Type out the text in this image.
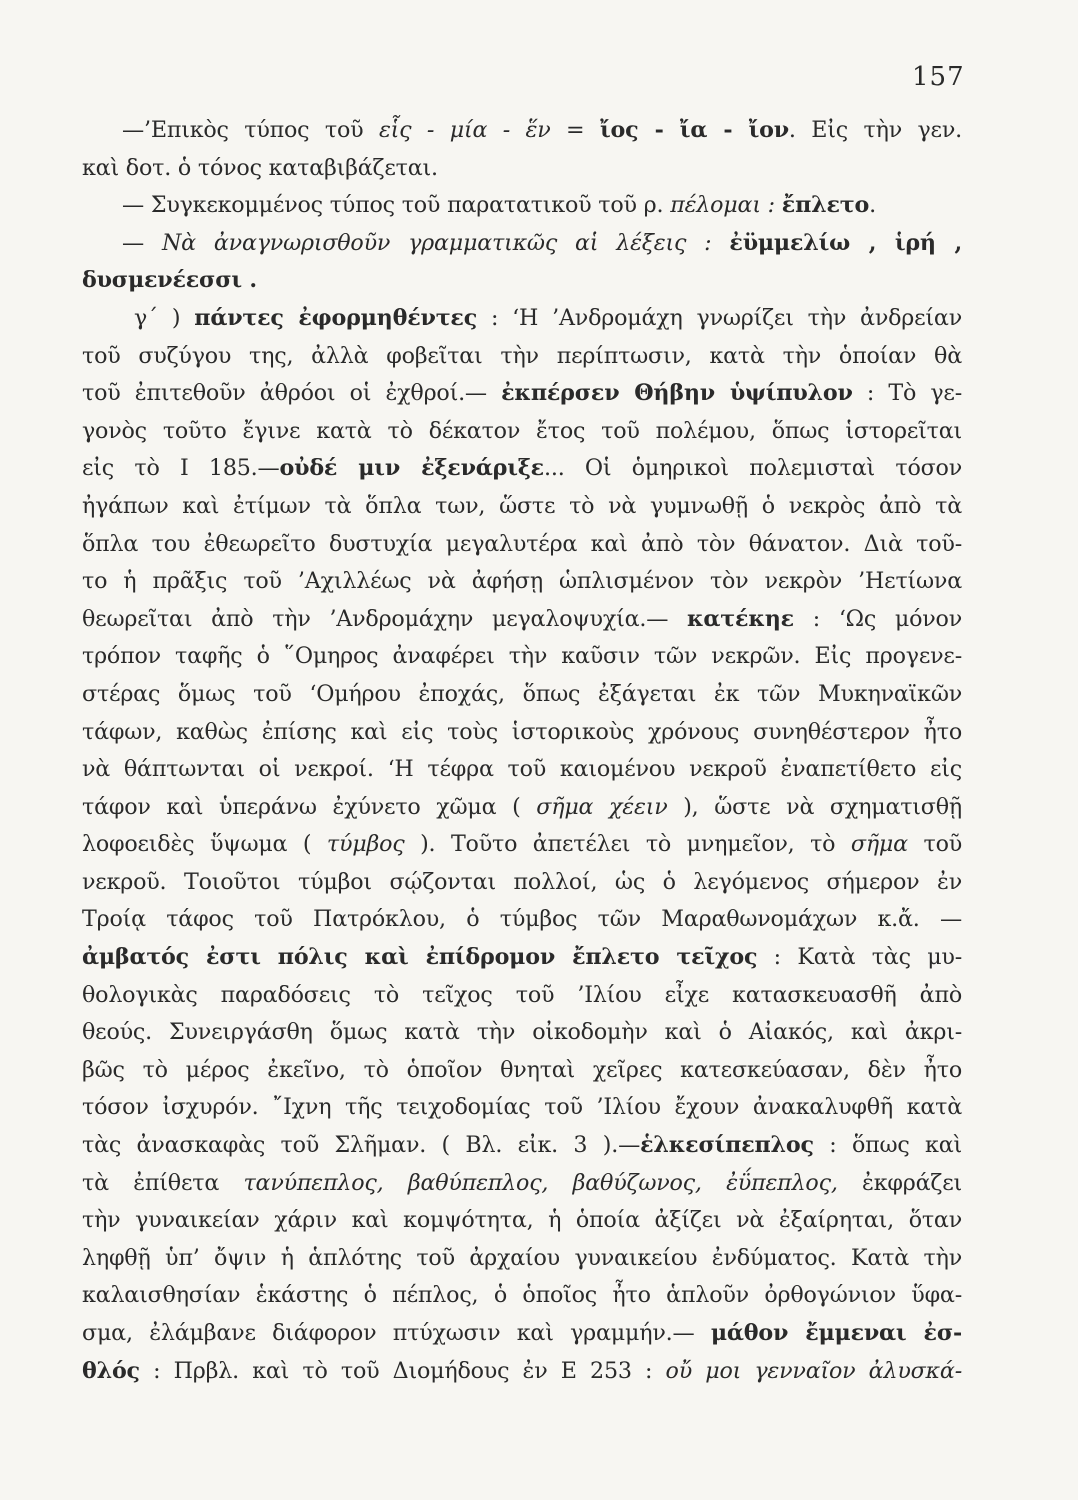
157
—’Επικὸς τύπος τοῦ εἷς - μία - ἕν = ἴος - ἴα - ἴον. Εἰς τὴν γεν.
καὶ δοτ. ὁ τόνος καταβιβάζεται.
— Συγκεκομμένος τύπος τοῦ παρατατικοῦ τοῦ ρ. πέλομαι : ἔπλετο.
— Νὰ ἀναγνωρισθοῦν γραμματικῶς αἱ λέξεις : ἐϋμμελίω , ἱρή ,
δυσμενέεσσι .
γ΄ ) πάντες ἐφορμηθέντες : ‘Η ’Ανδρομάχη γνωρίζει τὴν ἀνδρείαν
τοῦ συζύγου της, ἀλλὰ φοβεῖται τὴν περίπτωσιν, κατὰ τὴν ὁποίαν θὰ
τοῦ ἐπιτεθοῦν ἀθρόοι οἱ ἐχθροί.— ἐκπέρσεν Θήβην ὑψίπυλον : Τὸ γε-
γονὸς τοῦτο ἔγινε κατὰ τὸ δέκατον ἔτος τοῦ πολέμου, ὅπως ἱστορεῖται
εἰς τὸ Ι 185.—οὐδέ μιν ἐξενάριξε... Οἱ ὁμηρικοὶ πολεμισταὶ τόσον
ἠγάπων καὶ ἐτίμων τὰ ὅπλα των, ὥστε τὸ νὰ γυμνωθῇ ὁ νεκρὸς ἀπὸ τὰ
ὅπλα του ἐθεωρεῖτο δυστυχία μεγαλυτέρα καὶ ἀπὸ τὸν θάνατον. Διὰ τοῦ-
το ἡ πρᾶξις τοῦ ’Αχιλλέως νὰ ἀφήσῃ ὡπλισμένον τὸν νεκρὸν ’Ηετίωνα
θεωρεῖται ἀπὸ τὴν ’Ανδρομάχην μεγαλοψυχία.— κατέκηε : ‘Ως μόνον
τρόπον ταφῆς ὁ ῞Ομηρος ἀναφέρει τὴν καῦσιν τῶν νεκρῶν. Εἰς προγενε-
στέρας ὅμως τοῦ ‘Ομήρου ἐποχάς, ὅπως ἐξάγεται ἐκ τῶν Μυκηναϊκῶν
τάφων, καθὼς ἐπίσης καὶ εἰς τοὺς ἱστορικοὺς χρόνους συνηθέστερον ἦτο
νὰ θάπτωνται οἱ νεκροί. ‘Η τέφρα τοῦ καιομένου νεκροῦ ἐναπετίθετο εἰς
τάφον καὶ ὑπεράνω ἐχύνετο χῶμα ( σῆμα χέειν ), ὥστε νὰ σχηματισθῇ
λοφοειδὲς ὕψωμα ( τύμβος ). Τοῦτο ἀπετέλει τὸ μνημεῖον, τὸ σῆμα τοῦ
νεκροῦ. Τοιοῦτοι τύμβοι σῴζονται πολλοί, ὡς ὁ λεγόμενος σήμερον ἐν
Τροίᾳ τάφος τοῦ Πατρόκλου, ὁ τύμβος τῶν Μαραθωνομάχων κ.ἄ. —
ἀμβατός ἐστι πόλις καὶ ἐπίδρομον ἔπλετο τεῖχος : Κατὰ τὰς μυ-
θολογικὰς παραδόσεις τὸ τεῖχος τοῦ ’Ιλίου εἶχε κατασκευασθῆ ἀπὸ
θεούς. Συνειργάσθη ὅμως κατὰ τὴν οἰκοδομὴν καὶ ὁ Αἰακός, καὶ ἀκρι-
βῶς τὸ μέρος ἐκεῖνο, τὸ ὁποῖον θνηταὶ χεῖρες κατεσκεύασαν, δὲν ἦτο
τόσον ἰσχυρόν. ῎Ιχνη τῆς τειχοδομίας τοῦ ’Ιλίου ἔχουν ἀνακαλυφθῆ κατὰ
τὰς ἀνασκαφὰς τοῦ Σλῆμαν. ( Βλ. εἰκ. 3 ).—ἑλκεσίπεπλος : ὅπως καὶ
τὰ ἐπίθετα τανύπεπλος, βαθύπεπλος, βαθύζωνος, ἐΰπεπλος, ἐκφράζει
τὴν γυναικείαν χάριν καὶ κομψότητα, ἡ ὁποία ἀξίζει νὰ ἐξαίρηται, ὅταν
ληφθῇ ὑπ’ ὄψιν ἡ ἁπλότης τοῦ ἀρχαίου γυναικείου ἐνδύματος. Κατὰ τὴν
καλαισθησίαν ἑκάστης ὁ πέπλος, ὁ ὁποῖος ἦτο ἁπλοῦν ὀρθογώνιον ὕφα-
σμα, ἐλάμβανε διάφορον πτύχωσιν καὶ γραμμήν.— μάθον ἔμμεναι ἐσ-
θλός : Πρβλ. καὶ τὸ τοῦ Διομήδους ἐν Ε 253 : οὔ μοι γενναῖον ἀλυσκά-
